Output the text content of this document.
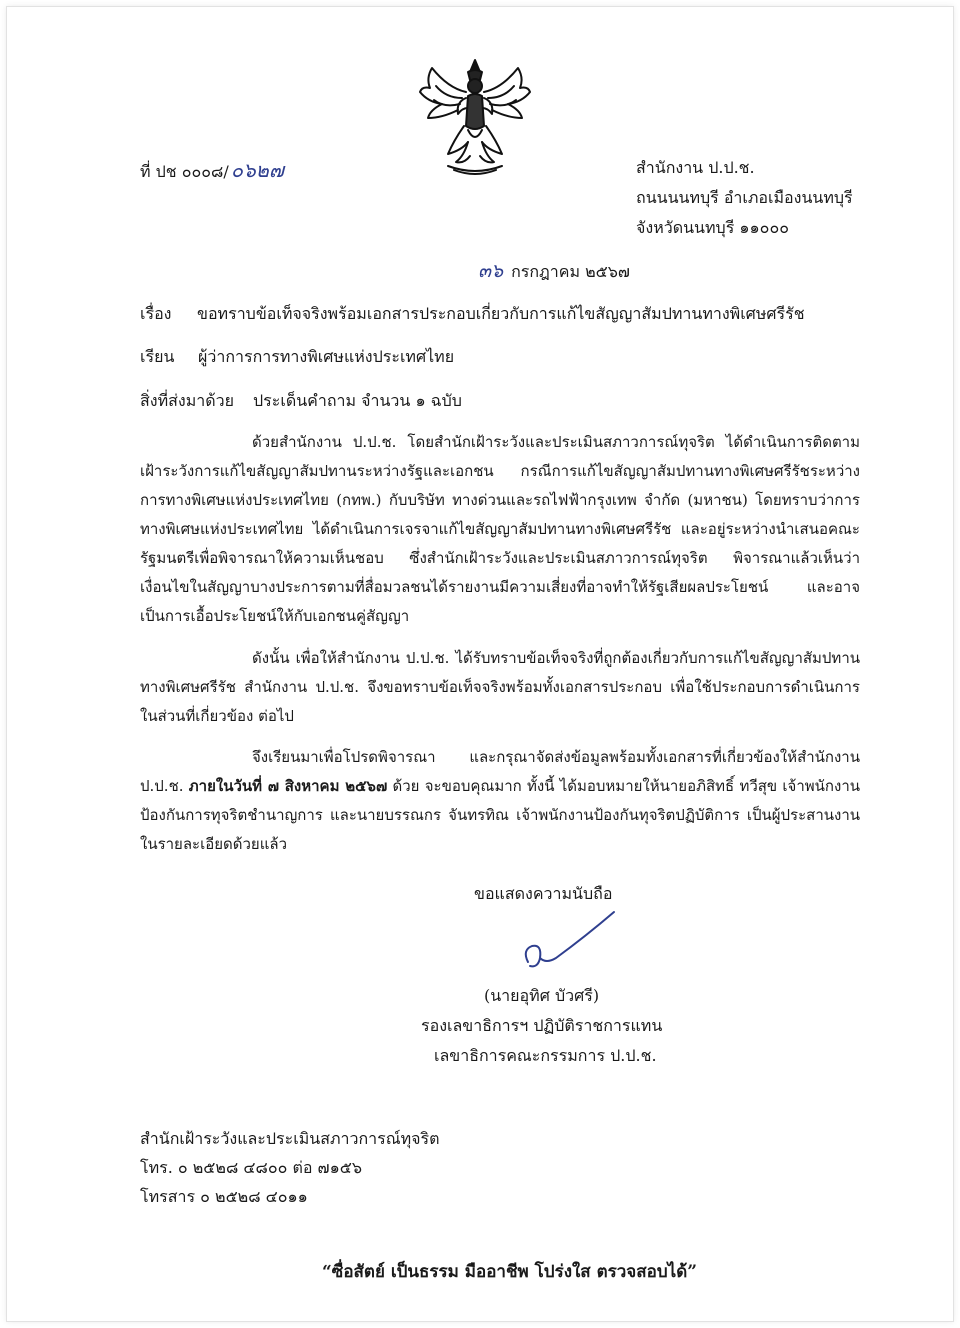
ที่ ปช ๐๐๐๘/ ๐๖๒๗	สำนักงาน ป.ป.ช.
ถนนนนทบุรี อำเภอเมืองนนทบุรี
จังหวัดนนทบุรี ๑๑๐๐๐
๓๖ กรกฎาคม ๒๕๖๗
เรื่อง ขอทราบข้อเท็จจริงพร้อมเอกสารประกอบเกี่ยวกับการแก้ไขสัญญาสัมปทานทางพิเศษศรีรัช
เรียน ผู้ว่าการการทางพิเศษแห่งประเทศไทย
สิ่งที่ส่งมาด้วย ประเด็นคำถาม จำนวน ๑ ฉบับ
ด้วยสำนักงาน ป.ป.ช. โดยสำนักเฝ้าระวังและประเมินสภาวการณ์ทุจริต ได้ดำเนินการติดตามเฝ้าระวังการแก้ไขสัญญาสัมปทานระหว่างรัฐและเอกชน กรณีการแก้ไขสัญญาสัมปทานทางพิเศษศรีรัชระหว่างการทางพิเศษแห่งประเทศไทย (กทพ.) กับบริษัท ทางด่วนและรถไฟฟ้ากรุงเทพ จำกัด (มหาชน) โดยทราบว่าการทางพิเศษแห่งประเทศไทย ได้ดำเนินการเจรจาแก้ไขสัญญาสัมปทานทางพิเศษศรีรัช และอยู่ระหว่างนำเสนอคณะรัฐมนตรีเพื่อพิจารณาให้ความเห็นชอบ ซึ่งสำนักเฝ้าระวังและประเมินสภาวการณ์ทุจริต พิจารณาแล้วเห็นว่า เงื่อนไขในสัญญาบางประการตามที่สื่อมวลชนได้รายงานมีความเสี่ยงที่อาจทำให้รัฐเสียผลประโยชน์ และอาจเป็นการเอื้อประโยชน์ให้กับเอกชนคู่สัญญา
ดังนั้น เพื่อให้สำนักงาน ป.ป.ช. ได้รับทราบข้อเท็จจริงที่ถูกต้องเกี่ยวกับการแก้ไขสัญญาสัมปทานทางพิเศษศรีรัช สำนักงาน ป.ป.ช. จึงขอทราบข้อเท็จจริงพร้อมทั้งเอกสารประกอบ เพื่อใช้ประกอบการดำเนินการในส่วนที่เกี่ยวข้อง ต่อไป
จึงเรียนมาเพื่อโปรดพิจารณา และกรุณาจัดส่งข้อมูลพร้อมทั้งเอกสารที่เกี่ยวข้องให้สำนักงาน ป.ป.ช. ภายในวันที่ ๗ สิงหาคม ๒๕๖๗ ด้วย จะขอบคุณมาก ทั้งนี้ ได้มอบหมายให้นายอภิสิทธิ์ ทวีสุข เจ้าพนักงานป้องกันการทุจริตชำนาญการ และนายบรรณกร จันทรทิณ เจ้าพนักงานป้องกันทุจริตปฏิบัติการ เป็นผู้ประสานงานในรายละเอียดด้วยแล้ว
ขอแสดงความนับถือ
(นายอุทิศ บัวศรี)
รองเลขาธิการฯ ปฏิบัติราชการแทน
เลขาธิการคณะกรรมการ ป.ป.ช.
สำนักเฝ้าระวังและประเมินสภาวการณ์ทุจริต
โทร. ๐ ๒๕๒๘ ๔๘๐๐ ต่อ ๗๑๕๖
โทรสาร ๐ ๒๕๒๘ ๔๐๑๑
“ซื่อสัตย์ เป็นธรรม มืออาชีพ โปร่งใส ตรวจสอบได้”
